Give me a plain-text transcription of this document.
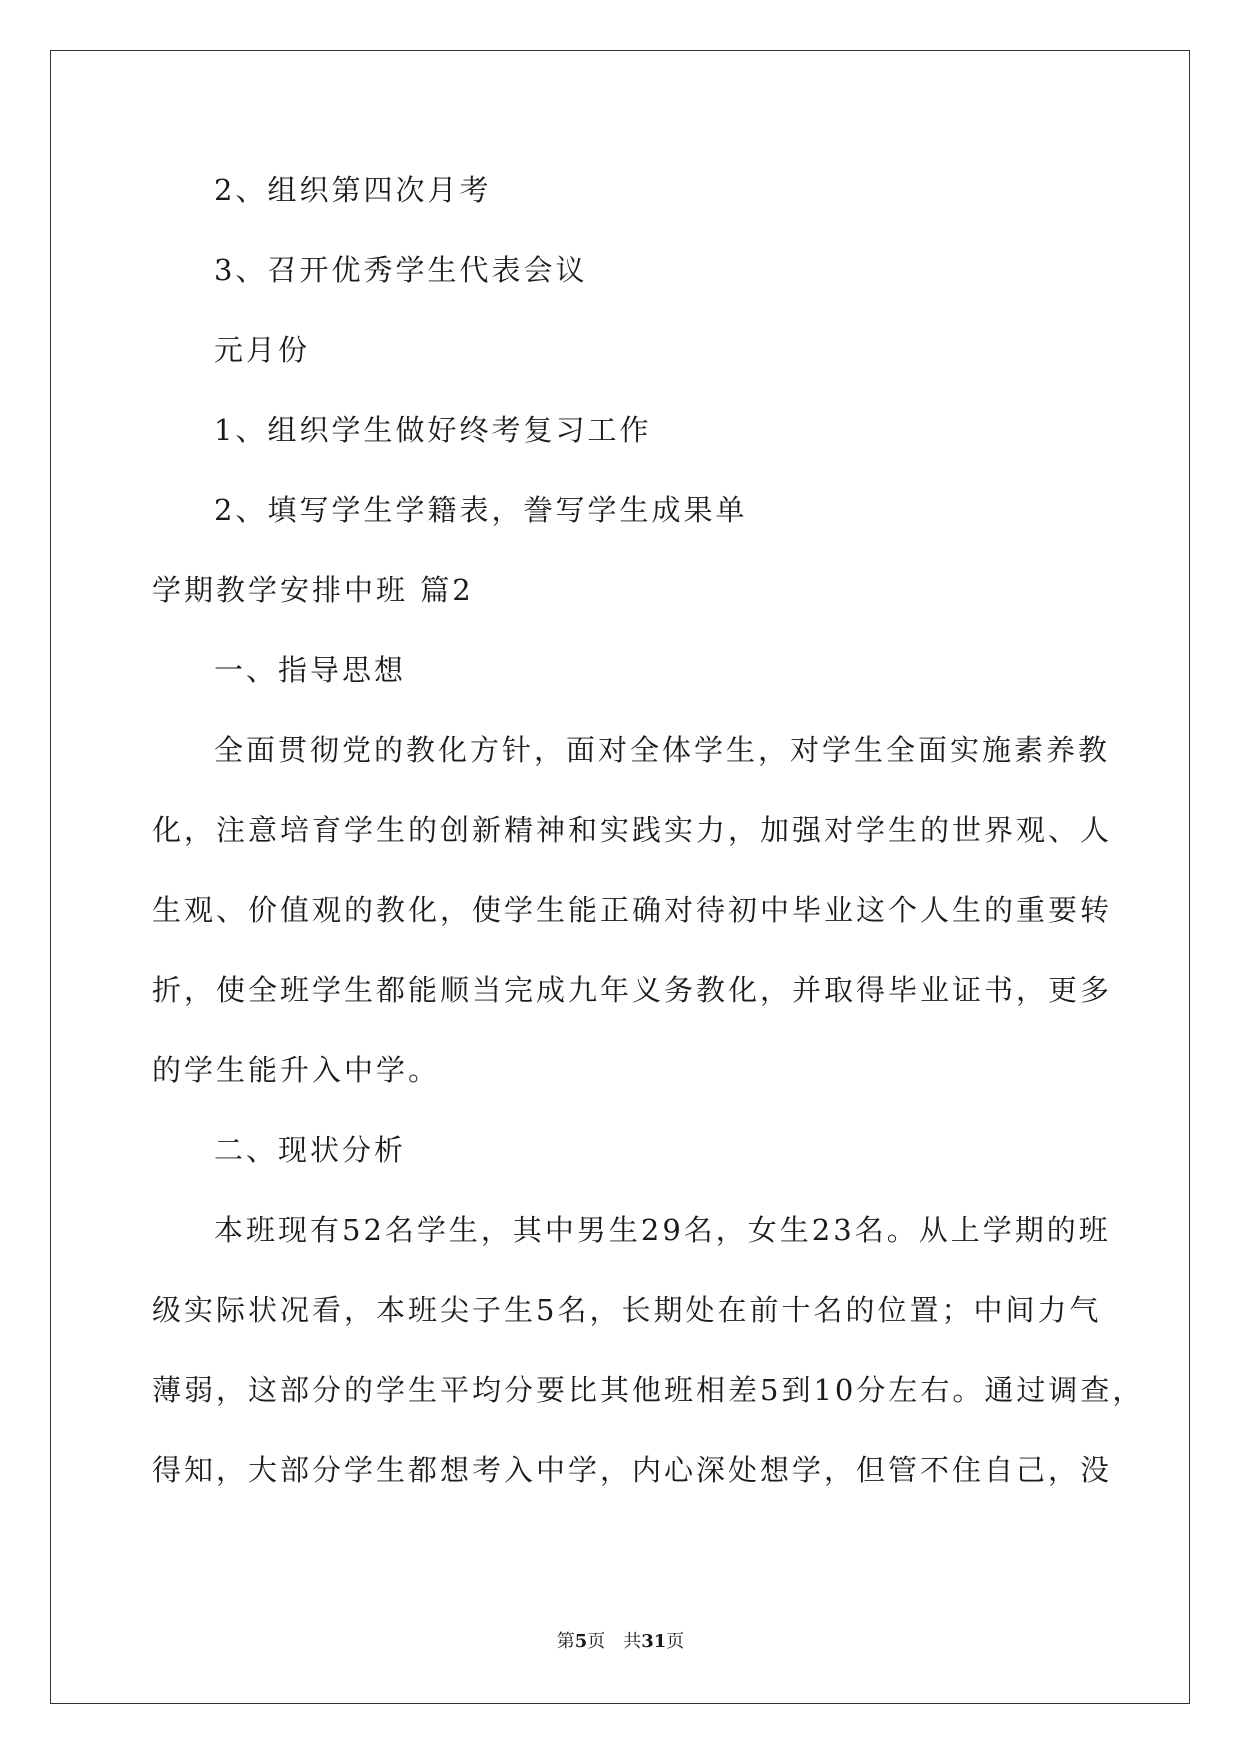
2、组织第四次月考
3、召开优秀学生代表会议
元月份
1、组织学生做好终考复习工作
2、填写学生学籍表，誊写学生成果单
学期教学安排中班 篇2
一、指导思想
全面贯彻党的教化方针，面对全体学生，对学生全面实施素养教
化，注意培育学生的创新精神和实践实力，加强对学生的世界观、人
生观、价值观的教化，使学生能正确对待初中毕业这个人生的重要转
折，使全班学生都能顺当完成九年义务教化，并取得毕业证书，更多
的学生能升入中学。
二、现状分析
本班现有52名学生，其中男生29名，女生23名。从上学期的班
级实际状况看，本班尖子生5名，长期处在前十名的位置；中间力气
薄弱，这部分的学生平均分要比其他班相差5到10分左右。通过调查，
得知，大部分学生都想考入中学，内心深处想学，但管不住自己，没
第5页　共31页
